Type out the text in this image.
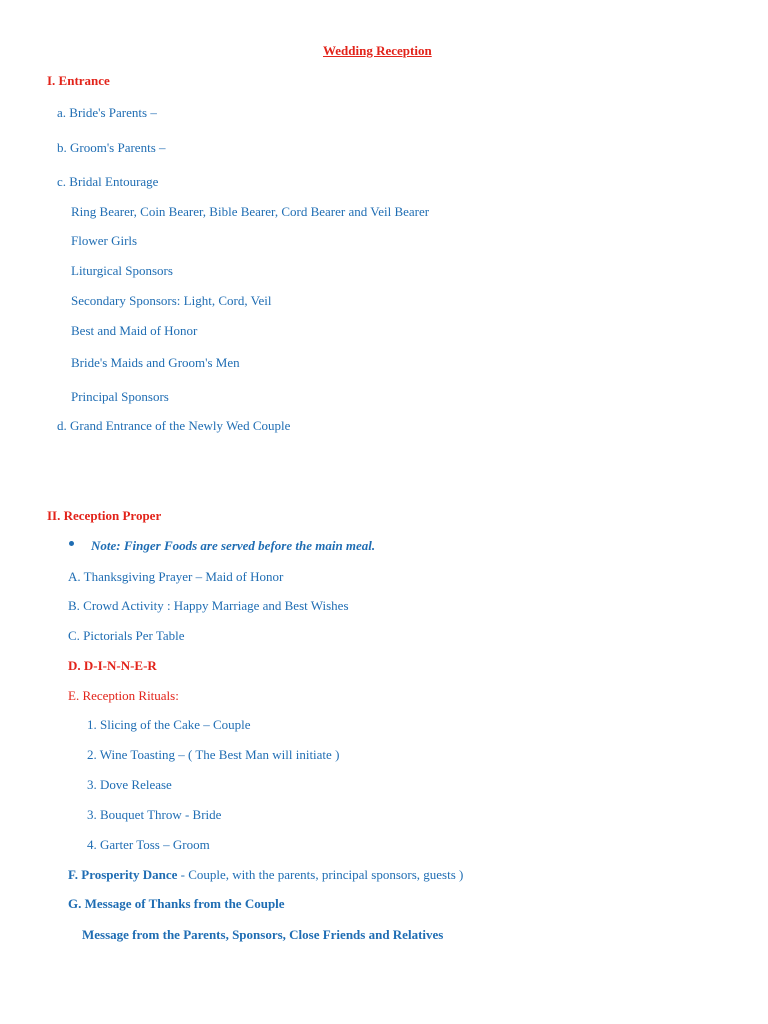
Wedding Reception
I. Entrance
a. Bride's Parents –
b. Groom's Parents –
c. Bridal Entourage
Ring Bearer, Coin Bearer, Bible Bearer, Cord Bearer and Veil Bearer
Flower Girls
Liturgical Sponsors
Secondary Sponsors: Light, Cord, Veil
Best and Maid of Honor
Bride's Maids and Groom's Men
Principal Sponsors
d. Grand Entrance of the Newly Wed Couple
II. Reception Proper
Note: Finger Foods are served before the main meal.
A. Thanksgiving Prayer – Maid of Honor
B. Crowd Activity : Happy Marriage and Best Wishes
C. Pictorials Per Table
D. D-I-N-N-E-R
E. Reception Rituals:
1. Slicing of the Cake – Couple
2. Wine Toasting – ( The Best Man will initiate )
3. Dove Release
3. Bouquet Throw - Bride
4. Garter Toss – Groom
F. Prosperity Dance - Couple, with the parents, principal sponsors, guests )
G. Message of Thanks from the Couple
Message from the Parents, Sponsors, Close Friends and Relatives
